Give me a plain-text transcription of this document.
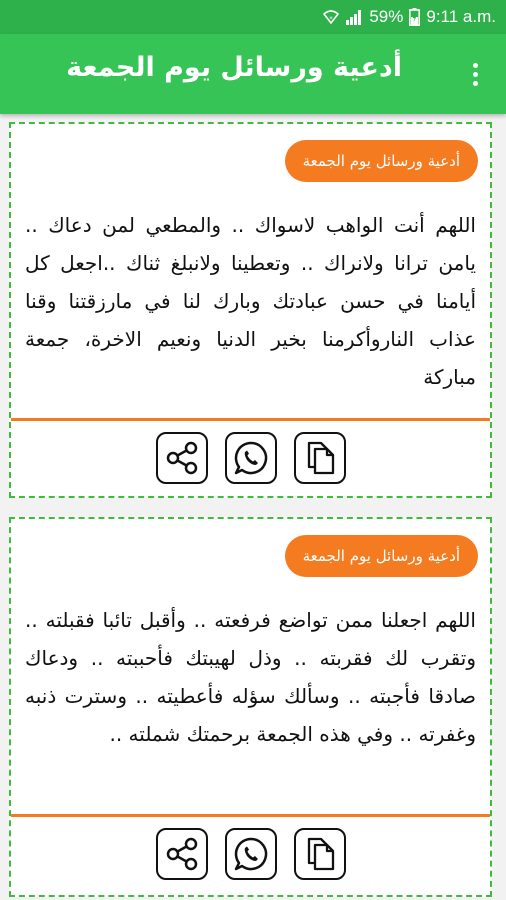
× 59% 9:11 a.m.
أدعية ورسائل يوم الجمعة
أدعية ورسائل يوم الجمعة
اللهم أنت الواهب لاسواك .. والمطعي لمن دعاك .. يامن ترانا ولانراك .. وتعطينا ولانبلغ ثناك ..اجعل كل أيامنا في حسن عبادتك وبارك لنا في مارزقتنا وقنا عذاب الناروأكرمنا بخير الدنيا ونعيم الاخرة، جمعة مباركة
أدعية ورسائل يوم الجمعة
اللهم اجعلنا ممن تواضع فرفعته .. وأقبل تائبا فقبلته .. وتقرب لك فقربته .. وذل لهيبتك فأحببته .. ودعاك صادقا فأجبته .. وسألك سؤله فأعطيته .. وسترت ذنبه وغفرته .. وفي هذه الجمعة برحمتك شملته ..
